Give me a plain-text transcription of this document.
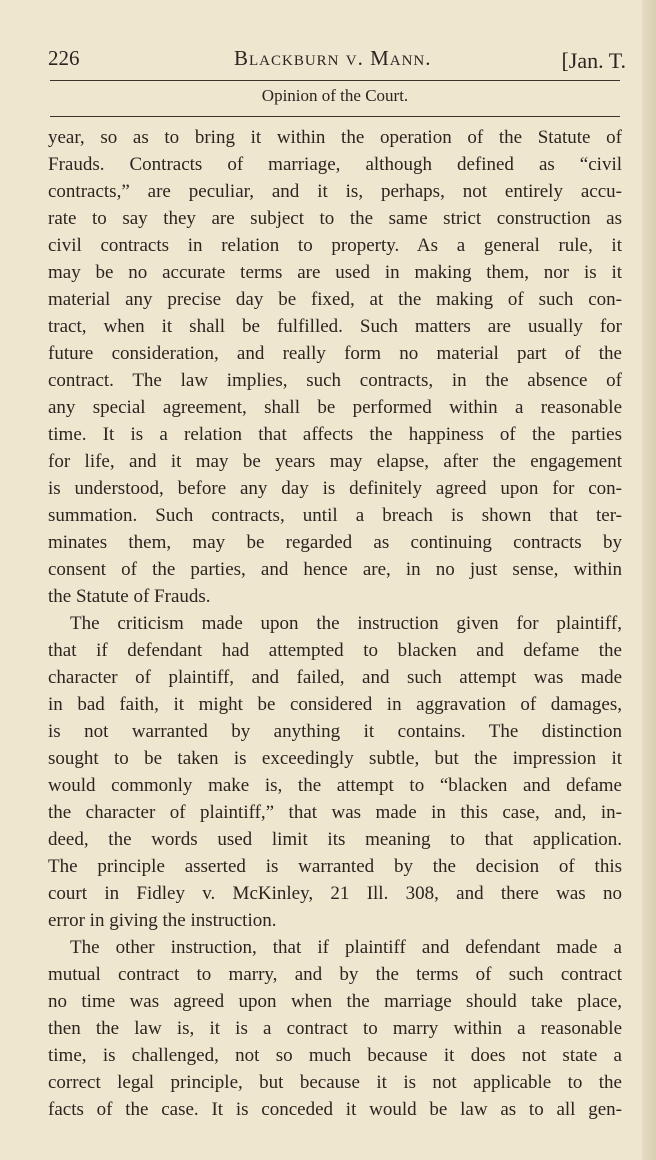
226	Blackburn v. Mann.	[Jan. T.
Opinion of the Court.
year, so as to bring it within the operation of the Statute of
Frauds. Contracts of marriage, although defined as “civil
contracts,” are peculiar, and it is, perhaps, not entirely accu-
rate to say they are subject to the same strict construction as
civil contracts in relation to property. As a general rule, it
may be no accurate terms are used in making them, nor is it
material any precise day be fixed, at the making of such con-
tract, when it shall be fulfilled. Such matters are usually for
future consideration, and really form no material part of the
contract. The law implies, such contracts, in the absence of
any special agreement, shall be performed within a reasonable
time. It is a relation that affects the happiness of the parties
for life, and it may be years may elapse, after the engagement
is understood, before any day is definitely agreed upon for con-
summation. Such contracts, until a breach is shown that ter-
minates them, may be regarded as continuing contracts by
consent of the parties, and hence are, in no just sense, within
the Statute of Frauds.
The criticism made upon the instruction given for plaintiff,
that if defendant had attempted to blacken and defame the
character of plaintiff, and failed, and such attempt was made
in bad faith, it might be considered in aggravation of damages,
is not warranted by anything it contains. The distinction
sought to be taken is exceedingly subtle, but the impression it
would commonly make is, the attempt to “blacken and defame
the character of plaintiff,” that was made in this case, and, in-
deed, the words used limit its meaning to that application.
The principle asserted is warranted by the decision of this
court in Fidley v. McKinley, 21 Ill. 308, and there was no
error in giving the instruction.
The other instruction, that if plaintiff and defendant made a
mutual contract to marry, and by the terms of such contract
no time was agreed upon when the marriage should take place,
then the law is, it is a contract to marry within a reasonable
time, is challenged, not so much because it does not state a
correct legal principle, but because it is not applicable to the
facts of the case. It is conceded it would be law as to all gen-
